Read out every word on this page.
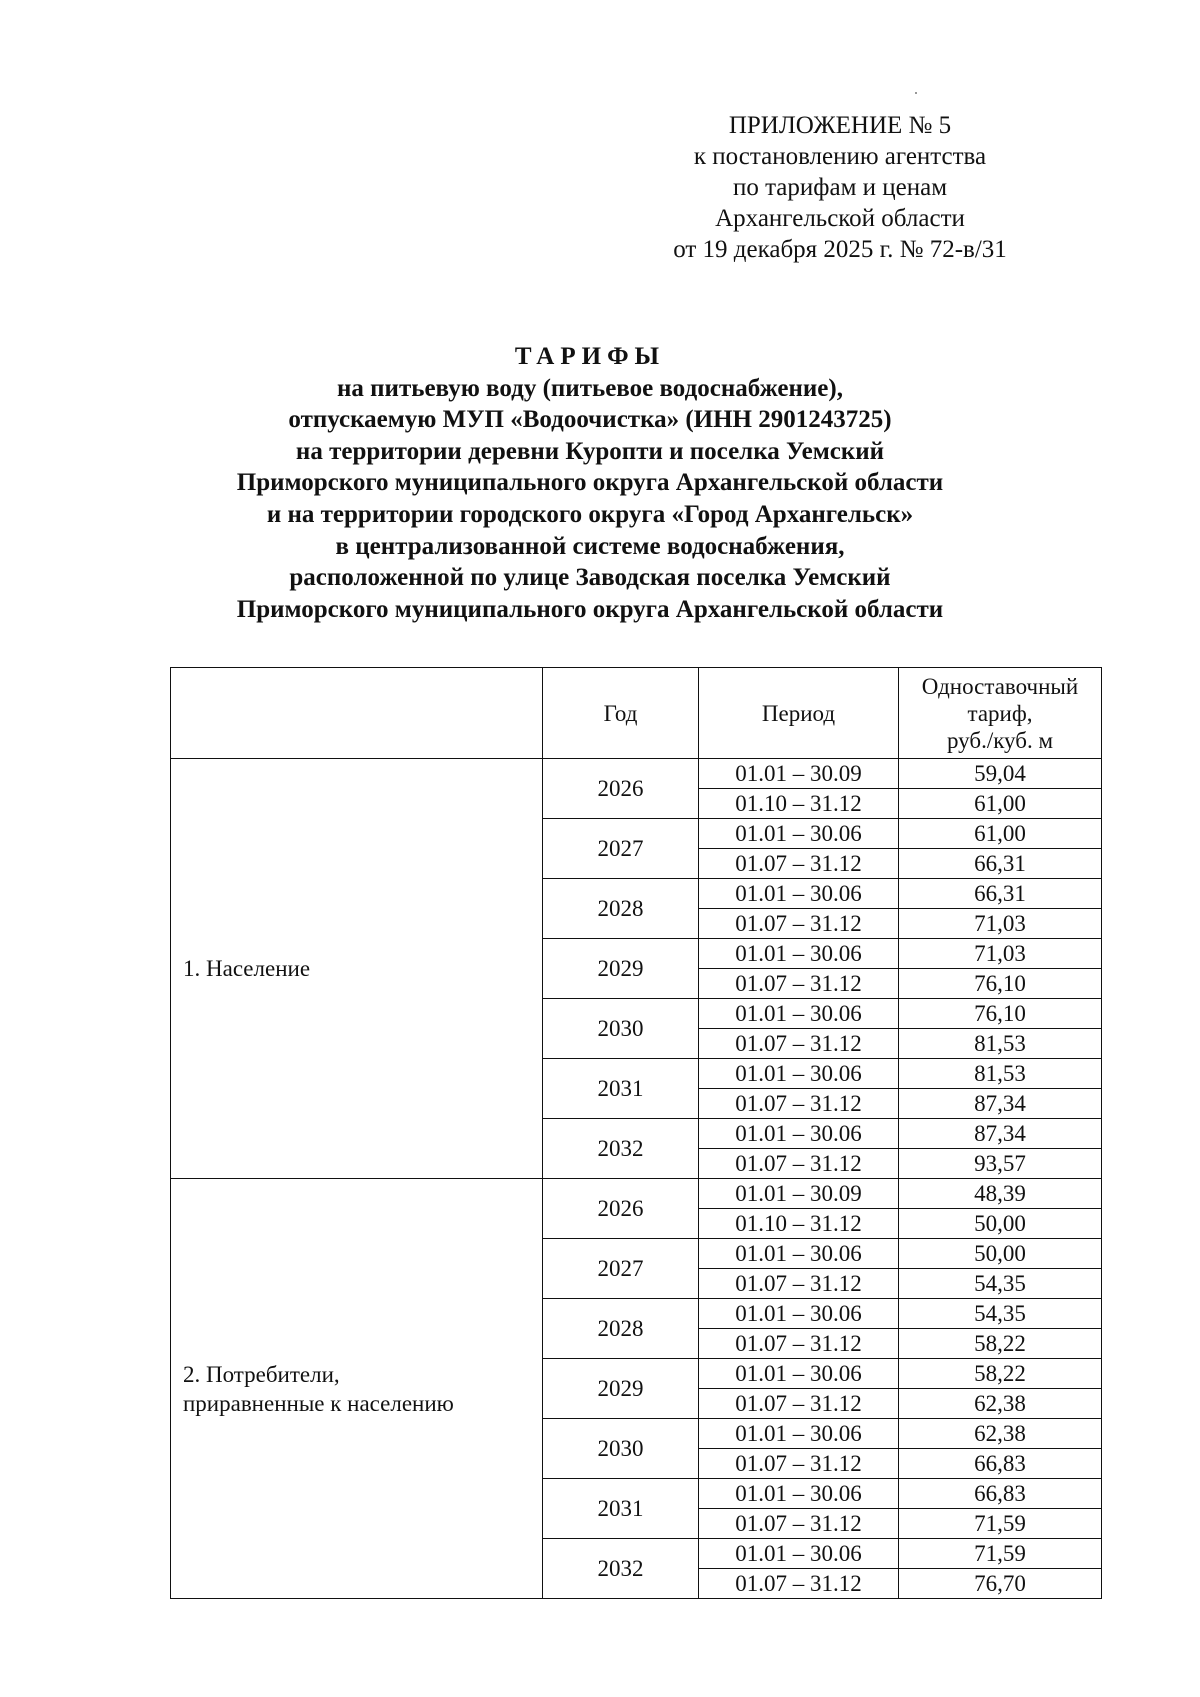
ПРИЛОЖЕНИЕ № 5
к постановлению агентства
по тарифам и ценам
Архангельской области
от 19 декабря 2025 г. № 72-в/31
ТАРИФЫ
на питьевую воду (питьевое водоснабжение),
отпускаемую МУП «Водоочистка» (ИНН 2901243725)
на территории деревни Куропти и поселка Уемский
Приморского муниципального округа Архангельской области
и на территории городского округа «Город Архангельск»
в централизованной системе водоснабжения,
расположенной по улице Заводская поселка Уемский
Приморского муниципального округа Архангельской области
	Год	Период	Одноставочный
тариф,
руб./куб. м

1. Население	2026	01.01 – 30.09	59,04
		01.10 – 31.12	61,00
	2027	01.01 – 30.06	61,00
		01.07 – 31.12	66,31
	2028	01.01 – 30.06	66,31
		01.07 – 31.12	71,03
	2029	01.01 – 30.06	71,03
		01.07 – 31.12	76,10
	2030	01.01 – 30.06	76,10
		01.07 – 31.12	81,53
	2031	01.01 – 30.06	81,53
		01.07 – 31.12	87,34
	2032	01.01 – 30.06	87,34
		01.07 – 31.12	93,57

2. Потребители,
приравненные к населению	2026	01.01 – 30.09	48,39
		01.10 – 31.12	50,00
	2027	01.01 – 30.06	50,00
		01.07 – 31.12	54,35
	2028	01.01 – 30.06	54,35
		01.07 – 31.12	58,22
	2029	01.01 – 30.06	58,22
		01.07 – 31.12	62,38
	2030	01.01 – 30.06	62,38
		01.07 – 31.12	66,83
	2031	01.01 – 30.06	66,83
		01.07 – 31.12	71,59
	2032	01.01 – 30.06	71,59
		01.07 – 31.12	76,70
